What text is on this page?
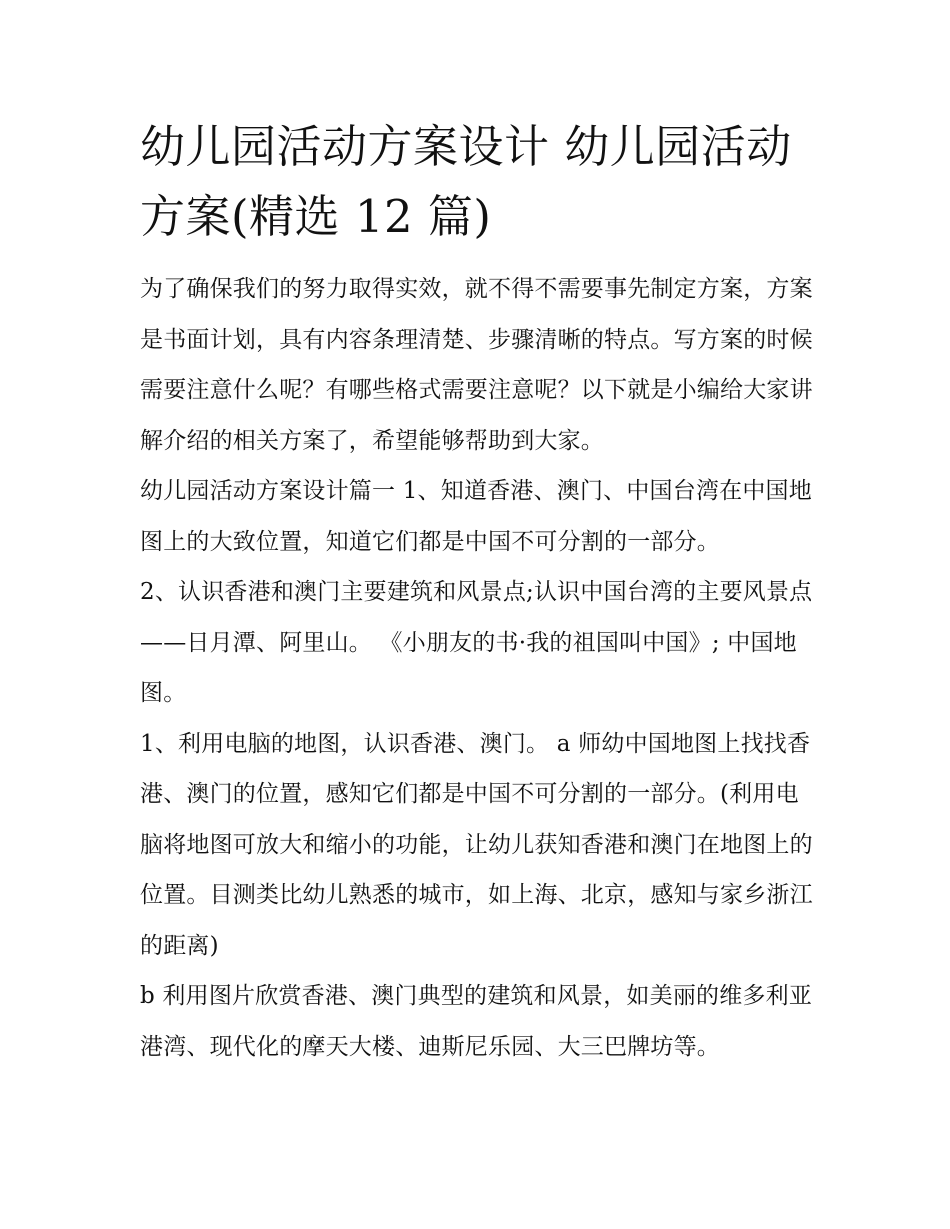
幼儿园活动方案设计 幼儿园活动方案(精选 12 篇)

为了确保我们的努力取得实效，就不得不需要事先制定方案，方案是书面计划，具有内容条理清楚、步骤清晰的特点。写方案的时候需要注意什么呢？有哪些格式需要注意呢？以下就是小编给大家讲解介绍的相关方案了，希望能够帮助到大家。

幼儿园活动方案设计篇一 1、知道香港、澳门、中国台湾在中国地图上的大致位置，知道它们都是中国不可分割的一部分。

2、认识香港和澳门主要建筑和风景点;认识中国台湾的主要风景点——日月潭、阿里山。 《小朋友的书·我的祖国叫中国》; 中国地图。

1、利用电脑的地图，认识香港、澳门。 a 师幼中国地图上找找香港、澳门的位置，感知它们都是中国不可分割的一部分。(利用电脑将地图可放大和缩小的功能，让幼儿获知香港和澳门在地图上的位置。目测类比幼儿熟悉的城市，如上海、北京，感知与家乡浙江的距离)

b 利用图片欣赏香港、澳门典型的建筑和风景，如美丽的维多利亚港湾、现代化的摩天大楼、迪斯尼乐园、大三巴牌坊等。
